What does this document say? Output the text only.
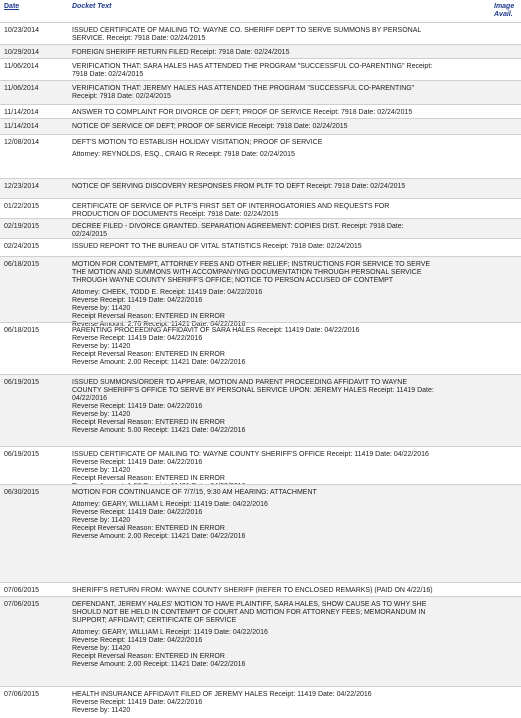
Date	Docket Text	Image Avail.
10/23/2014	ISSUED CERTIFICATE OF MAILING TO: WAYNE CO. SHERIFF DEPT TO SERVE SUMMONS BY PERSONAL
SERVICE. Receipt: 7918 Date: 02/24/2015
10/29/2014	FOREIGN SHERIFF RETURN FILED Receipt: 7918 Date: 02/24/2015
11/06/2014	VERIFICATION THAT: SARA HALES HAS ATTENDED THE PROGRAM "SUCCESSFUL CO-PARENTING" Receipt:
7918 Date: 02/24/2015
11/06/2014	VERIFICATION THAT: JEREMY HALES HAS ATTENDED THE PROGRAM "SUCCESSFUL CO-PARENTING"
Receipt: 7918 Date: 02/24/2015
11/14/2014	ANSWER TO COMPLAINT FOR DIVORCE OF DEFT; PROOF OF SERVICE Receipt: 7918 Date: 02/24/2015
11/14/2014	NOTICE OF SERVICE OF DEFT; PROOF OF SERVICE Receipt: 7918 Date: 02/24/2015
12/08/2014	DEFT'S MOTION TO ESTABLISH HOLIDAY VISITATION; PROOF OF SERVICE
Attorney: REYNOLDS, ESQ., CRAIG R Receipt: 7918 Date: 02/24/2015
12/23/2014	NOTICE OF SERVING DISCOVERY RESPONSES FROM PLTF TO DEFT Receipt: 7918 Date: 02/24/2015
01/22/2015	CERTIFICATE OF SERVICE OF PLTF'S FIRST SET OF INTERROGATORIES AND REQUESTS FOR
PRODUCTION OF DOCUMENTS Receipt: 7918 Date: 02/24/2015
02/19/2015	DECREE FILED - DIVORCE GRANTED. SEPARATION AGREEMENT: COPIES DIST. Receipt: 7918 Date:
02/24/2015
02/24/2015	ISSUED REPORT TO THE BUREAU OF VITAL STATISTICS Receipt: 7918 Date: 02/24/2015
06/18/2015	MOTION FOR CONTEMPT, ATTORNEY FEES AND OTHER RELIEF; INSTRUCTIONS FOR SERVICE TO SERVE
THE MOTION AND SUMMONS WITH ACCOMPANYING DOCUMENTATION THROUGH PERSONAL SERVICE
THROUGH WAYNE COUNTY SHERIFF'S OFFICE; NOTICE TO PERSON ACCUSED OF CONTEMPT
Attorney: CHEEK, TODD E. Receipt: 11419 Date: 04/22/2016
Reverse Receipt: 11419 Date: 04/22/2016
Reverse by: 11420
Receipt Reversal Reason: ENTERED IN ERROR
Reverse Amount: 2.70 Receipt: 11421 Date: 04/22/2016
06/18/2015	PARENTING PROCEEDING AFFIDAVIT OF SARA HALES Receipt: 11419 Date: 04/22/2016
Reverse Receipt: 11419 Date: 04/22/2016
Reverse by: 11420
Receipt Reversal Reason: ENTERED IN ERROR
Reverse Amount: 2.00 Receipt: 11421 Date: 04/22/2016
06/19/2015	ISSUED SUMMONS/ORDER TO APPEAR, MOTION AND PARENT PROCEEDING AFFIDAVIT TO WAYNE
COUNTY SHERIFF'S OFFICE TO SERVE BY PERSONAL SERVICE UPON: JEREMY HALES Receipt: 11419 Date:
04/22/2016
Reverse Receipt: 11419 Date: 04/22/2016
Reverse by: 11420
Receipt Reversal Reason: ENTERED IN ERROR
Reverse Amount: 5.00 Receipt: 11421 Date: 04/22/2016
06/19/2015	ISSUED CERTIFICATE OF MAILING TO: WAYNE COUNTY SHERIFF'S OFFICE Receipt: 11419 Date: 04/22/2016
Reverse Receipt: 11419 Date: 04/22/2016
Reverse by: 11420
Receipt Reversal Reason: ENTERED IN ERROR

06/30/2015	MOTION FOR CONTINUANCE OF 7/7/15, 9:30 AM HEARING: ATTACHMENT
Attorney: GEARY, WILLIAM L Receipt: 11419 Date: 04/22/2016
Reverse Receipt: 11419 Date: 04/22/2016
Reverse by: 11420
Receipt Reversal Reason: ENTERED IN ERROR
Reverse Amount: 2.00 Receipt: 11421 Date: 04/22/2016
07/06/2015	SHERIFF'S RETURN FROM: WAYNE COUNTY SHERIFF (REFER TO ENCLOSED REMARKS) (PAID ON 4/22/16)
07/06/2015	DEFENDANT, JEREMY HALES' MOTION TO HAVE PLAINTIFF, SARA HALES, SHOW CAUSE AS TO WHY SHE
SHOULD NOT BE HELD IN CONTEMPT OF COURT AND MOTION FOR ATTORNEY FEES; MEMORANDUM IN
SUPPORT; AFFIDAVIT; CERTIFICATE OF SERVICE
Attorney: GEARY, WILLIAM L Receipt: 11419 Date: 04/22/2016
Reverse Receipt: 11419 Date: 04/22/2016
Reverse by: 11420
Receipt Reversal Reason: ENTERED IN ERROR
Reverse Amount: 2.00 Receipt: 11421 Date: 04/22/2016
07/06/2015	HEALTH INSURANCE AFFIDAVIT FILED OF JEREMY HALES Receipt: 11419 Date: 04/22/2016
Reverse Receipt: 11419 Date: 04/22/2016
Reverse by: 11420
